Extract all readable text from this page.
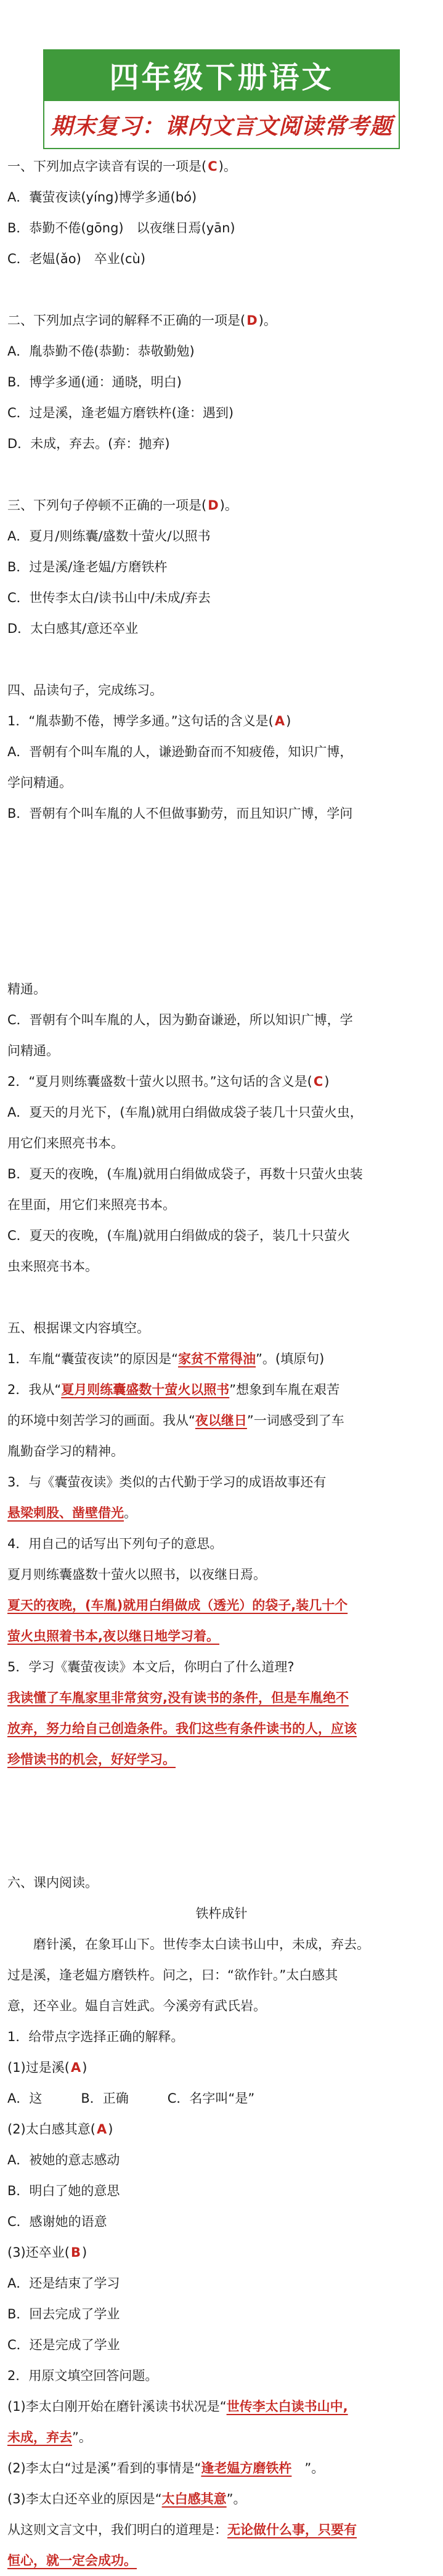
四年级下册语文
期末复习：课内文言文阅读常考题
一、下列加点字读音有误的一项是(C)。
A．囊萤夜读(yíng)博学多通(bó)
B．恭勤不倦(gōng)　以夜继日焉(yān)
C．老媪(ǎo)　卒业(cù)
二、下列加点字词的解释不正确的一项是(D)。
A．胤恭勤不倦(恭勤：恭敬勤勉)
B．博学多通(通：通晓，明白)
C．过是溪，逢老媪方磨铁杵(逢：遇到)
D．未成，弃去。(弃：抛弃)
三、下列句子停顿不正确的一项是(D)。
A．夏月/则练囊/盛数十萤火/以照书
B．过是溪/逢老媪/方磨铁杵
C．世传李太白/读书山中/未成/弃去
D．太白感其/意还卒业
四、品读句子，完成练习。
1．“胤恭勤不倦，博学多通。”这句话的含义是(A)
A．晋朝有个叫车胤的人，谦逊勤奋而不知疲倦，知识广博，
学问精通。
B．晋朝有个叫车胤的人不但做事勤劳，而且知识广博，学问
精通。
C．晋朝有个叫车胤的人，因为勤奋谦逊，所以知识广博，学
问精通。
2．“夏月则练囊盛数十萤火以照书。”这句话的含义是(C)
A．夏天的月光下，(车胤)就用白绢做成袋子装几十只萤火虫，
用它们来照亮书本。
B．夏天的夜晚，(车胤)就用白绢做成袋子，再数十只萤火虫装
在里面，用它们来照亮书本。
C．夏天的夜晚，(车胤)就用白绢做成的袋子，装几十只萤火
虫来照亮书本。
五、根据课文内容填空。
1．车胤“囊萤夜读”的原因是“家贫不常得油”。(填原句)
2．我从“夏月则练囊盛数十萤火以照书”想象到车胤在艰苦
的环境中刻苦学习的画面。我从“夜以继日”一词感受到了车
胤勤奋学习的精神。
3．与《囊萤夜读》类似的古代勤于学习的成语故事还有
悬梁刺股、凿壁借光。
4．用自己的话写出下列句子的意思。
夏月则练囊盛数十萤火以照书，以夜继日焉。
夏天的夜晚，(车胤)就用白绢做成（透光）的袋子,装几十个
萤火虫照着书本,夜以继日地学习着。
5．学习《囊萤夜读》本文后，你明白了什么道理?
我读懂了车胤家里非常贫穷,没有读书的条件，但是车胤绝不
放弃，努力给自己创造条件。我们这些有条件读书的人，应该
珍惜读书的机会，好好学习。
六、课内阅读。
铁杵成针
磨针溪，在象耳山下。世传李太白读书山中，未成，弃去。
过是溪，逢老媪方磨铁杵。问之，曰：“欲作针。”太白感其
意，还卒业。媪自言姓武。今溪旁有武氏岩。
1．给带点字选择正确的解释。
(1)过是溪(A)
A．这　　　B．正确　　　C．名字叫“是”
(2)太白感其意(A)
A．被她的意志感动
B．明白了她的意思
C．感谢她的语意
(3)还卒业(B)
A．还是结束了学习
B．回去完成了学业
C．还是完成了学业
2．用原文填空回答问题。
(1)李太白刚开始在磨针溪读书状况是“世传李太白读书山中,
未成，弃去”。
(2)李太白“过是溪”看到的事情是“逢老媪方磨铁杵　”。
(3)李太白还卒业的原因是“太白感其意”。
从这则文言文中，我们明白的道理是：无论做什么事，只要有
恒心，就一定会成功。
